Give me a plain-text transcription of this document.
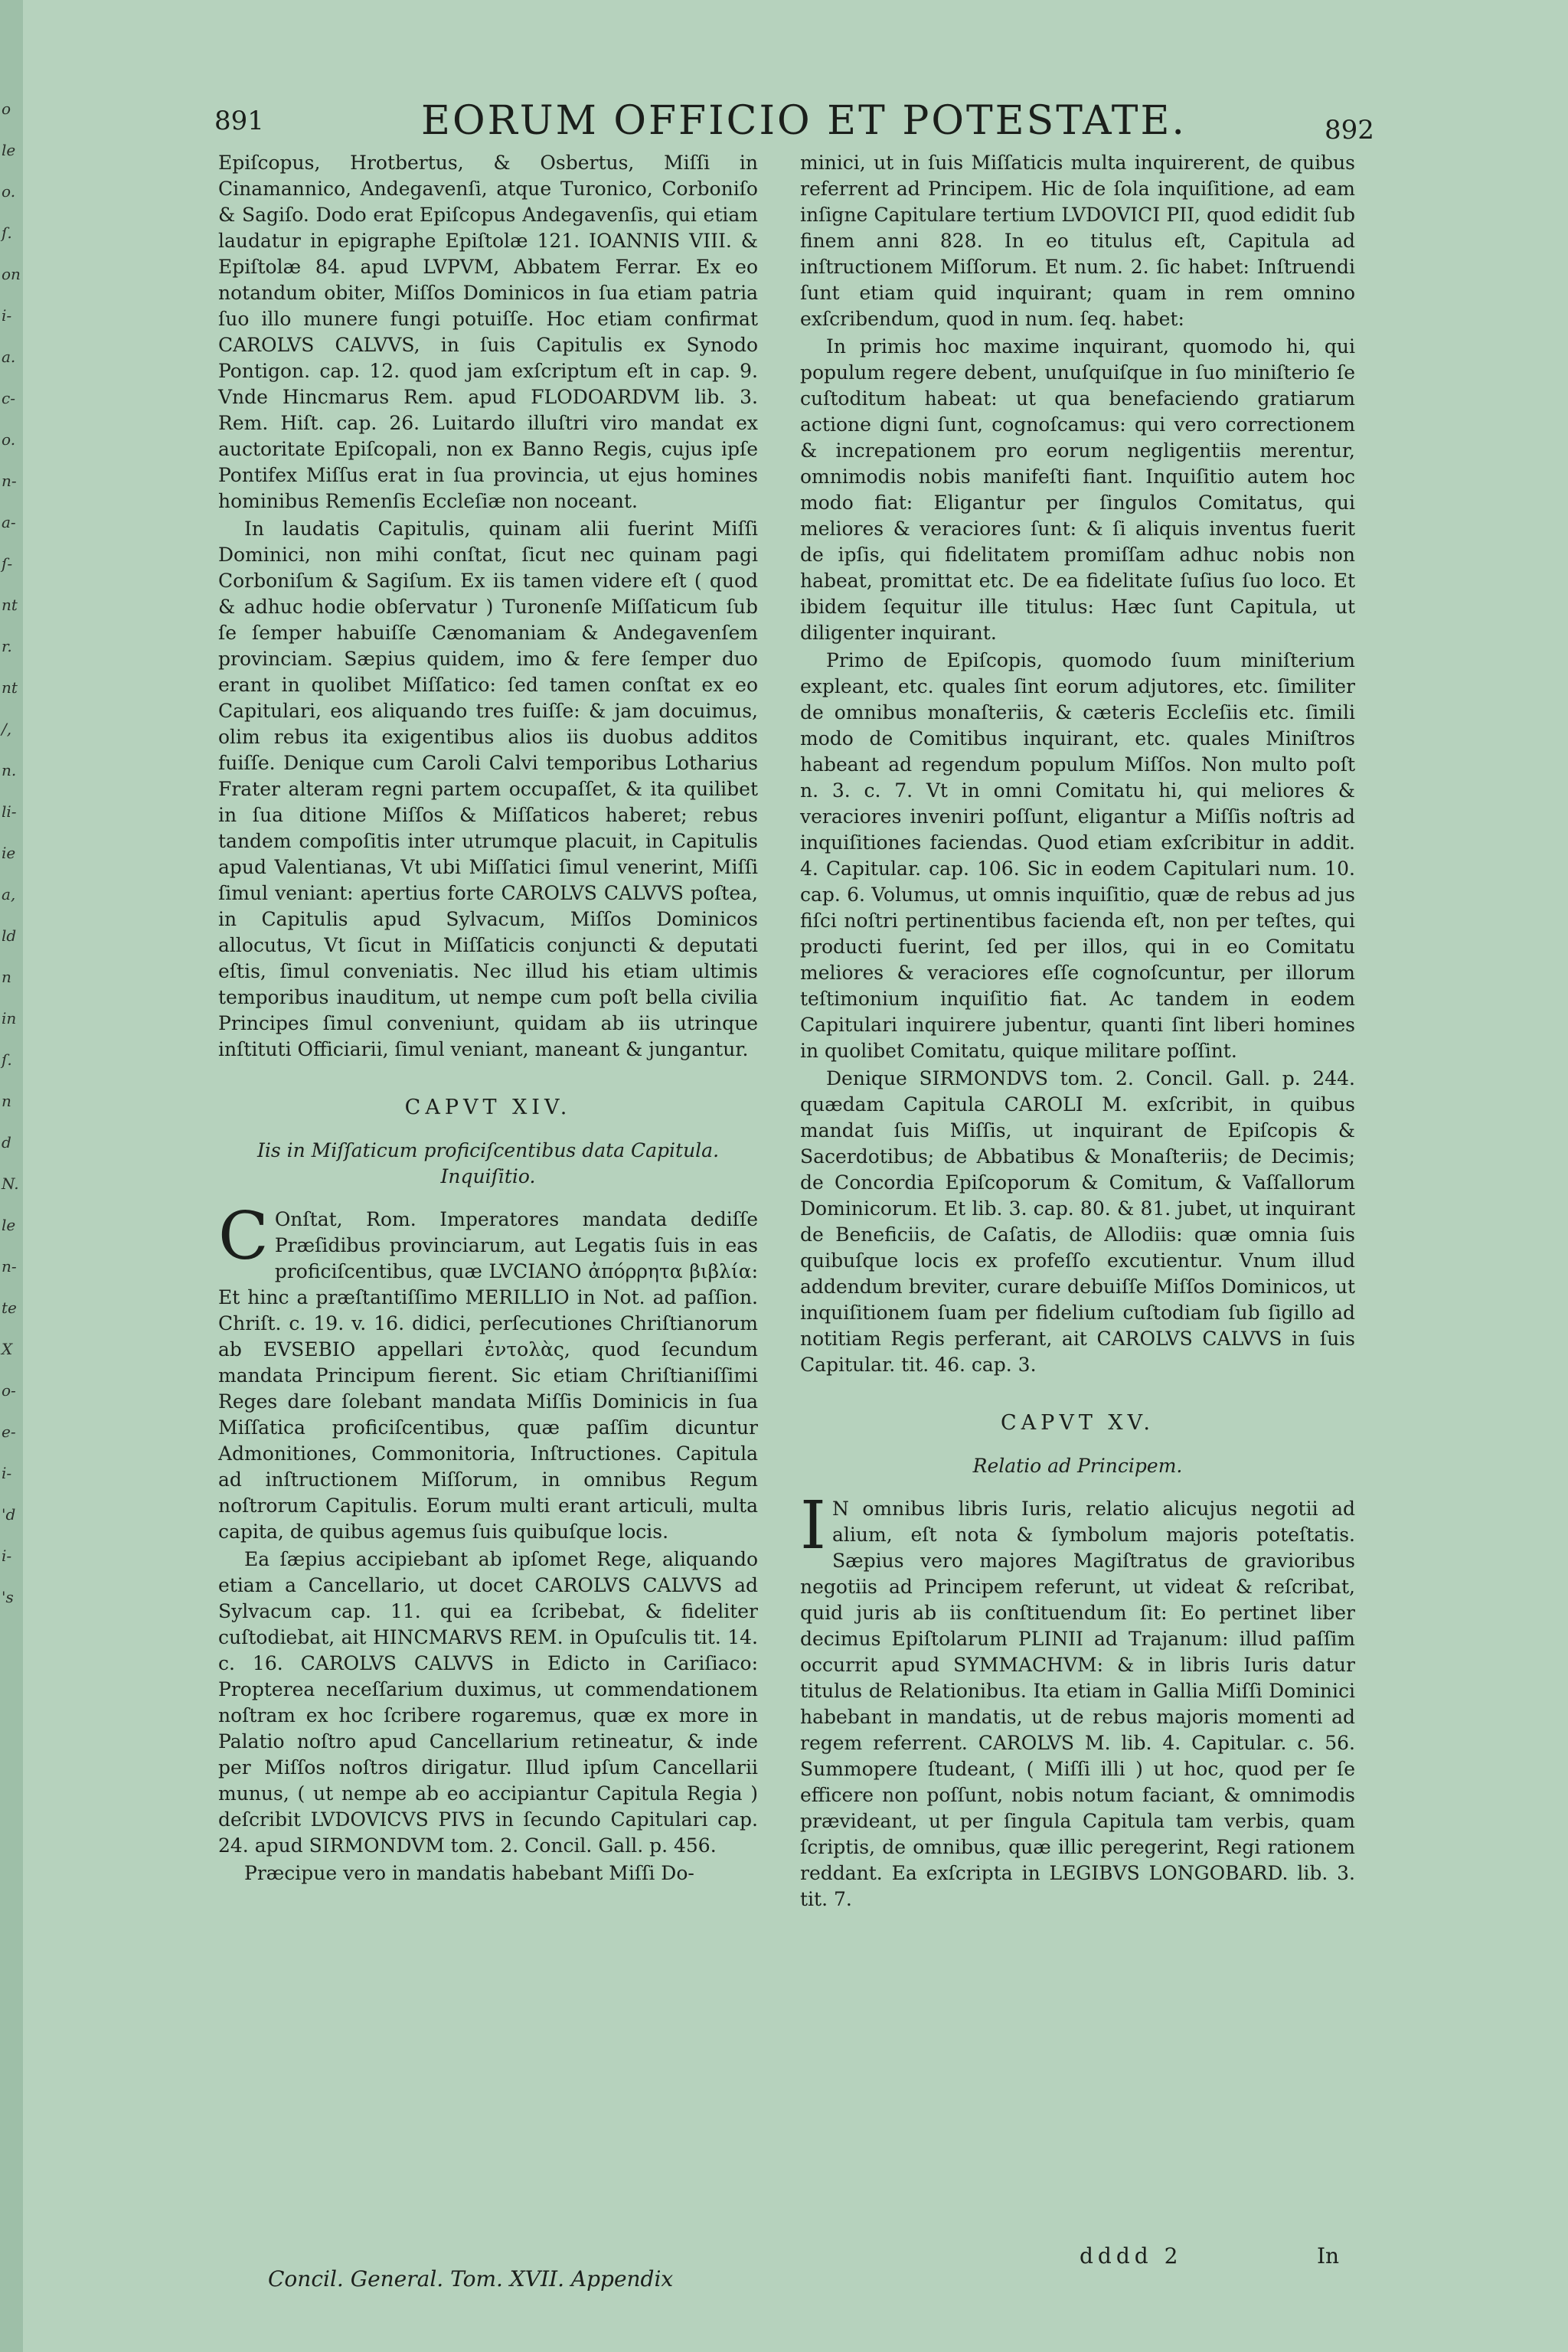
o
le
o.
ſ.
on
i-
a.
c-
o.
n-
a-
ſ-
nt
r.
nt
/,
n.
li-
ie
a,
ld
n
in
ſ.
n
d
N.
le
n-
te
X
o-
e-
i-
'd
i-
's
891	EORUM OFFICIO ET POTESTATE.	892

Epiſcopus, Hrotbertus, & Osbertus, Miſſi in Cinamannico, Andegavenſi, atque Turonico, Corboniſo & Sagiſo. Dodo erat Epiſcopus Andegavenſis, qui etiam laudatur in epigraphe Epiſtolæ 121. IOANNIS VIII. & Epiſtolæ 84. apud LVPVM, Abbatem Ferrar. Ex eo notandum obiter, Miſſos Dominicos in ſua etiam patria ſuo illo munere fungi potuiſſe. Hoc etiam confirmat CAROLVS CALVVS, in ſuis Capitulis ex Synodo Pontigon. cap. 12. quod jam exſcriptum eſt in cap. 9. Vnde Hincmarus Rem. apud FLODOARDVM lib. 3. Rem. Hiſt. cap. 26. Luitardo illuſtri viro mandat ex auctoritate Epiſcopali, non ex Banno Regis, cujus ipſe Pontifex Miſſus erat in ſua provincia, ut ejus homines hominibus Remenſis Eccleſiæ non noceant.

In laudatis Capitulis, quinam alii fuerint Miſſi Dominici, non mihi conſtat, ſicut nec quinam pagi Corboniſum & Sagiſum. Ex iis tamen videre eſt ( quod & adhuc hodie obſervatur ) Turonenſe Miſſaticum ſub ſe ſemper habuiſſe Cænomaniam & Andegavenſem provinciam. Sæpius quidem, imo & fere ſemper duo erant in quolibet Miſſatico: ſed tamen conſtat ex eo Capitulari, eos aliquando tres fuiſſe: & jam docuimus, olim rebus ita exigentibus alios iis duobus additos fuiſſe. Denique cum Caroli Calvi temporibus Lotharius Frater alteram regni partem occupaſſet, & ita quilibet in ſua ditione Miſſos & Miſſaticos haberet; rebus tandem compoſitis inter utrumque placuit, in Capitulis apud Valentianas, Vt ubi Miſſatici ſimul venerint, Miſſi ſimul veniant: apertius forte CAROLVS CALVVS poſtea, in Capitulis apud Sylvacum, Miſſos Dominicos allocutus, Vt ſicut in Miſſaticis conjuncti & deputati eſtis, ſimul conveniatis. Nec illud his etiam ultimis temporibus inauditum, ut nempe cum poſt bella civilia Principes ſimul conveniunt, quidam ab iis utrinque inſtituti Officiarii, ſimul veniant, maneant & jungantur.

CAPVT XIV.

Iis in Miſſaticum proficiſcentibus data Capitula. Inquiſitio.

C Onſtat, Rom. Imperatores mandata dediſſe Præſidibus provinciarum, aut Legatis ſuis in eas proficiſcentibus, quæ LVCIANO ἀπόρρητα βιβλία: Et hinc a præſtantiſſimo MERILLIO in Not. ad paſſion. Chriſt. c. 19. v. 16. didici, perſecutiones Chriſtianorum ab EVSEBIO appellari ἐντολὰς, quod ſecundum mandata Principum fierent. Sic etiam Chriſtianiſſimi Reges dare ſolebant mandata Miſſis Dominicis in ſua Miſſatica proficiſcentibus, quæ paſſim dicuntur Admonitiones, Commonitoria, Inſtructiones. Capitula ad inſtructionem Miſſorum, in omnibus Regum noſtrorum Capitulis. Eorum multi erant articuli, multa capita, de quibus agemus ſuis quibuſque locis.

Ea ſæpius accipiebant ab ipſomet Rege, aliquando etiam a Cancellario, ut docet CAROLVS CALVVS ad Sylvacum cap. 11. qui ea ſcribebat, & fideliter cuſtodiebat, ait HINCMARVS REM. in Opuſculis tit. 14. c. 16. CAROLVS CALVVS in Edicto in Cariſiaco: Propterea neceſſarium duximus, ut commendationem noſtram ex hoc ſcribere rogaremus, quæ ex more in Palatio noſtro apud Cancellarium retineatur, & inde per Miſſos noſtros dirigatur. Illud ipſum Cancellarii munus, ( ut nempe ab eo accipiantur Capitula Regia ) deſcribit LVDOVICVS PIVS in ſecundo Capitulari cap. 24. apud SIRMONDVM tom. 2. Concil. Gall. p. 456.

Præcipue vero in mandatis habebant Miſſi Do-

minici, ut in ſuis Miſſaticis multa inquirerent, de quibus referrent ad Principem. Hic de ſola inquiſitione, ad eam inſigne Capitulare tertium LVDOVICI PII, quod edidit ſub finem anni 828. In eo titulus eſt, Capitula ad inſtructionem Miſſorum. Et num. 2. ſic habet: Inſtruendi ſunt etiam quid inquirant; quam in rem omnino exſcribendum, quod in num. ſeq. habet:

In primis hoc maxime inquirant, quomodo hi, qui populum regere debent, unuſquiſque in ſuo miniſterio ſe cuſtoditum habeat: ut qua benefaciendo gratiarum actione digni ſunt, cognoſcamus: qui vero correctionem & increpationem pro eorum negligentiis merentur, omnimodis nobis manifeſti fiant. Inquiſitio autem hoc modo fiat: Eligantur per ſingulos Comitatus, qui meliores & veraciores ſunt: & ſi aliquis inventus fuerit de ipſis, qui fidelitatem promiſſam adhuc nobis non habeat, promittat etc. De ea fidelitate ſuſius ſuo loco. Et ibidem ſequitur ille titulus: Hæc ſunt Capitula, ut diligenter inquirant.

Primo de Epiſcopis, quomodo ſuum miniſterium expleant, etc. quales ſint eorum adjutores, etc. ſimiliter de omnibus monaſteriis, & cæteris Eccleſiis etc. ſimili modo de Comitibus inquirant, etc. quales Miniſtros habeant ad regendum populum Miſſos. Non multo poſt n. 3. c. 7. Vt in omni Comitatu hi, qui meliores & veraciores inveniri poſſunt, eligantur a Miſſis noſtris ad inquiſitiones faciendas. Quod etiam exſcribitur in addit. 4. Capitular. cap. 106. Sic in eodem Capitulari num. 10. cap. 6. Volumus, ut omnis inquiſitio, quæ de rebus ad jus fiſci noſtri pertinentibus facienda eſt, non per teſtes, qui producti fuerint, ſed per illos, qui in eo Comitatu meliores & veraciores eſſe cognoſcuntur, per illorum teſtimonium inquiſitio fiat. Ac tandem in eodem Capitulari inquirere jubentur, quanti ſint liberi homines in quolibet Comitatu, quique militare poſſint.

Denique SIRMONDVS tom. 2. Concil. Gall. p. 244. quædam Capitula CAROLI M. exſcribit, in quibus mandat ſuis Miſſis, ut inquirant de Epiſcopis & Sacerdotibus; de Abbatibus & Monaſteriis; de Decimis; de Concordia Epiſcoporum & Comitum, & Vaſſallorum Dominicorum. Et lib. 3. cap. 80. & 81. jubet, ut inquirant de Beneficiis, de Caſatis, de Allodiis: quæ omnia ſuis quibuſque locis ex profeſſo excutientur. Vnum illud addendum breviter, curare debuiſſe Miſſos Dominicos, ut inquiſitionem ſuam per fidelium cuſtodiam ſub ſigillo ad notitiam Regis perferant, ait CAROLVS CALVVS in ſuis Capitular. tit. 46. cap. 3.

CAPVT XV.

Relatio ad Principem.

I N omnibus libris Iuris, relatio alicujus negotii ad alium, eſt nota & ſymbolum majoris poteſtatis. Sæpius vero majores Magiſtratus de gravioribus negotiis ad Principem referunt, ut videat & reſcribat, quid juris ab iis conſtituendum ſit: Eo pertinet liber decimus Epiſtolarum PLINII ad Trajanum: illud paſſim occurrit apud SYMMACHVM: & in libris Iuris datur titulus de Relationibus. Ita etiam in Gallia Miſſi Dominici habebant in mandatis, ut de rebus majoris momenti ad regem referrent. CAROLVS M. lib. 4. Capitular. c. 56. Summopere ſtudeant, ( Miſſi illi ) ut hoc, quod per ſe efficere non poſſunt, nobis notum faciant, & omnimodis prævideant, ut per ſingula Capitula tam verbis, quam ſcriptis, de omnibus, quæ illic peregerint, Regi rationem reddant. Ea exſcripta in LEGIBVS LONGOBARD. lib. 3. tit. 7.

Concil. General. Tom. XVII. Appendix
dddd 2	In
